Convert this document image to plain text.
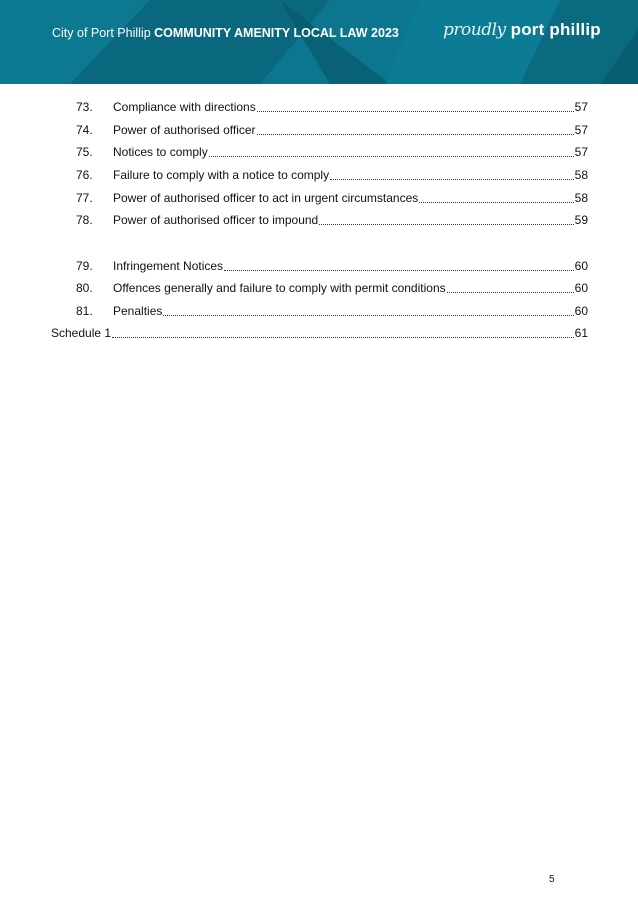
City of Port Phillip COMMUNITY AMENITY LOCAL LAW 2023	proudly port phillip
73.	Compliance with directions	57
74.	Power of authorised officer	57
75.	Notices to comply	57
76.	Failure to comply with a notice to comply	58
77.	Power of authorised officer to act in urgent circumstances	58
78.	Power of authorised officer to impound	59
79.	Infringement Notices	60
80.	Offences generally and failure to comply with permit conditions	60
81.	Penalties	60
Schedule 1	61
5
